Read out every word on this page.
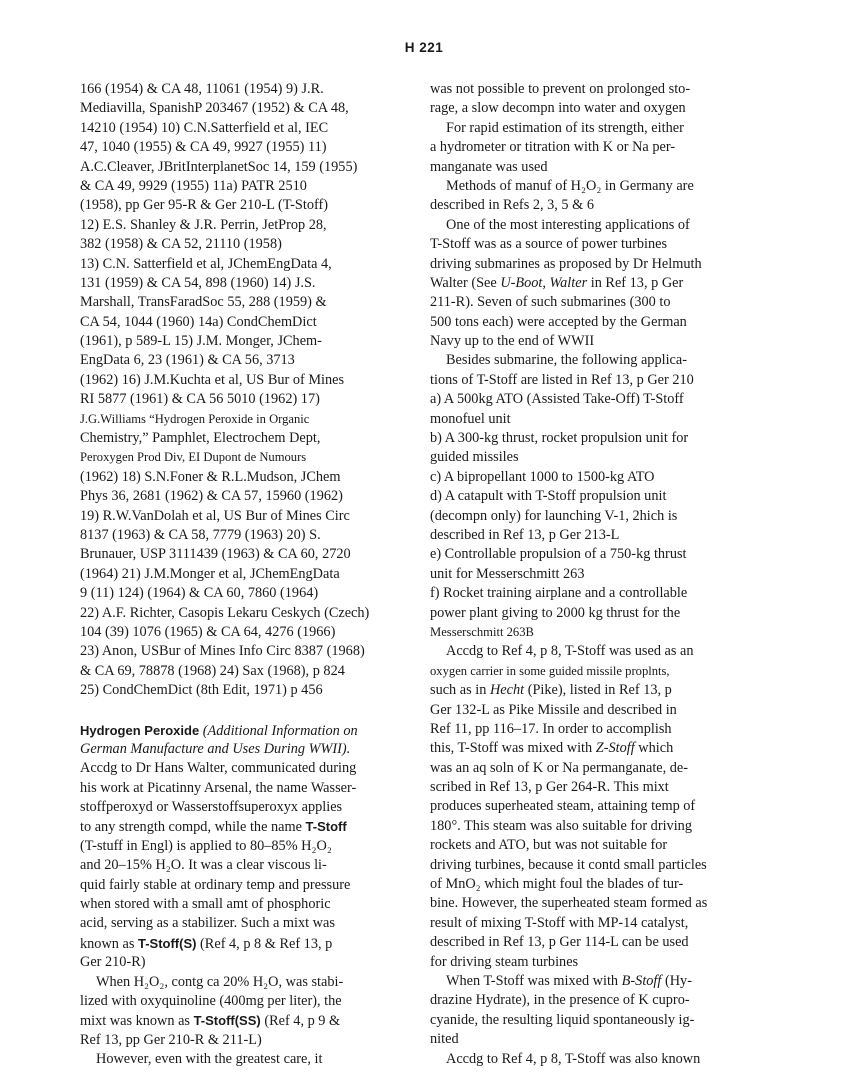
H 221
166 (1954) & CA 48, 11061 (1954) 9) J.R.
Mediavilla, SpanishP 203467 (1952) & CA 48,
14210 (1954) 10) C.N.Satterfield et al, IEC
47, 1040 (1955) & CA 49, 9927 (1955) 11)
A.C.Cleaver, JBritInterplanetSoc 14, 159 (1955)
& CA 49, 9929 (1955) 11a) PATR 2510
(1958), pp Ger 95-R & Ger 210-L (T-Stoff)
12) E.S. Shanley & J.R. Perrin, JetProp 28,
382 (1958) & CA 52, 21110 (1958)
13) C.N. Satterfield et al, JChemEngData 4,
131 (1959) & CA 54, 898 (1960) 14) J.S.
Marshall, TransFaradSoc 55, 288 (1959) &
CA 54, 1044 (1960) 14a) CondChemDict
(1961), p 589-L 15) J.M. Monger, JChem-
EngData 6, 23 (1961) & CA 56, 3713
(1962) 16) J.M.Kuchta et al, US Bur of Mines
RI 5877 (1961) & CA 56 5010 (1962) 17)
J.G.Williams “Hydrogen Peroxide in Organic
Chemistry,” Pamphlet, Electrochem Dept,
Peroxygen Prod Div, EI Dupont de Numours
(1962) 18) S.N.Foner & R.L.Mudson, JChem
Phys 36, 2681 (1962) & CA 57, 15960 (1962)
19) R.W.VanDolah et al, US Bur of Mines Circ
8137 (1963) & CA 58, 7779 (1963) 20) S.
Brunauer, USP 3111439 (1963) & CA 60, 2720
(1964) 21) J.M.Monger et al, JChemEngData
9 (11) 124) (1964) & CA 60, 7860 (1964)
22) A.F. Richter, Casopis Lekaru Ceskych (Czech)
104 (39) 1076 (1965) & CA 64, 4276 (1966)
23) Anon, USBur of Mines Info Circ 8387 (1968)
& CA 69, 78878 (1968) 24) Sax (1968), p 824
25) CondChemDict (8th Edit, 1971) p 456
Hydrogen Peroxide (Additional Information on
German Manufacture and Uses During WWII).
Accdg to Dr Hans Walter, communicated during
his work at Picatinny Arsenal, the name Wasser-
stoffperoxyd or Wasserstoffsuperoxyx applies
to any strength compd, while the name T-Stoff
(T-stuff in Engl) is applied to 80–85% H₂O₂
and 20–15% H₂O. It was a clear viscous li-
quid fairly stable at ordinary temp and pressure
when stored with a small amt of phosphoric
acid, serving as a stabilizer. Such a mixt was
known as T-Stoff(S) (Ref 4, p 8 & Ref 13, p
Ger 210-R)
When H₂O₂, contg ca 20% H₂O, was stabi-
lized with oxyquinoline (400mg per liter), the
mixt was known as T-Stoff(SS) (Ref 4, p 9 &
Ref 13, pp Ger 210-R & 211-L)
However, even with the greatest care, it
was not possible to prevent on prolonged sto-
rage, a slow decompn into water and oxygen
For rapid estimation of its strength, either
a hydrometer or titration with K or Na per-
manganate was used
Methods of manuf of H₂O₂ in Germany are
described in Refs 2, 3, 5 & 6
One of the most interesting applications of
T-Stoff was as a source of power turbines
driving submarines as proposed by Dr Helmuth
Walter (See U-Boot, Walter in Ref 13, p Ger
211-R). Seven of such submarines (300 to
500 tons each) were accepted by the German
Navy up to the end of WWII
Besides submarine, the following applica-
tions of T-Stoff are listed in Ref 13, p Ger 210
a) A 500kg ATO (Assisted Take-Off) T-Stoff
monofuel unit
b) A 300-kg thrust, rocket propulsion unit for
guided missiles
c) A bipropellant 1000 to 1500-kg ATO
d) A catapult with T-Stoff propulsion unit
(decompn only) for launching V-1, 2hich is
described in Ref 13, p Ger 213-L
e) Controllable propulsion of a 750-kg thrust
unit for Messerschmitt 263
f) Rocket training airplane and a controllable
power plant giving to 2000 kg thrust for the
Messerschmitt 263B
Accdg to Ref 4, p 8, T-Stoff was used as an
oxygen carrier in some guided missile proplnts,
such as in Hecht (Pike), listed in Ref 13, p
Ger 132-L as Pike Missile and described in
Ref 11, pp 116–17. In order to accomplish
this, T-Stoff was mixed with Z-Stoff which
was an aq soln of K or Na permanganate, de-
scribed in Ref 13, p Ger 264-R. This mixt
produces superheated steam, attaining temp of
180°. This steam was also suitable for driving
rockets and ATO, but was not suitable for
driving turbines, because it contd small particles
of MnO₂ which might foul the blades of tur-
bine. However, the superheated steam formed as
result of mixing T-Stoff with MP-14 catalyst,
described in Ref 13, p Ger 114-L can be used
for driving steam turbines
When T-Stoff was mixed with B-Stoff (Hy-
drazine Hydrate), in the presence of K cupro-
cyanide, the resulting liquid spontaneously ig-
nited
Accdg to Ref 4, p 8, T-Stoff was also known
